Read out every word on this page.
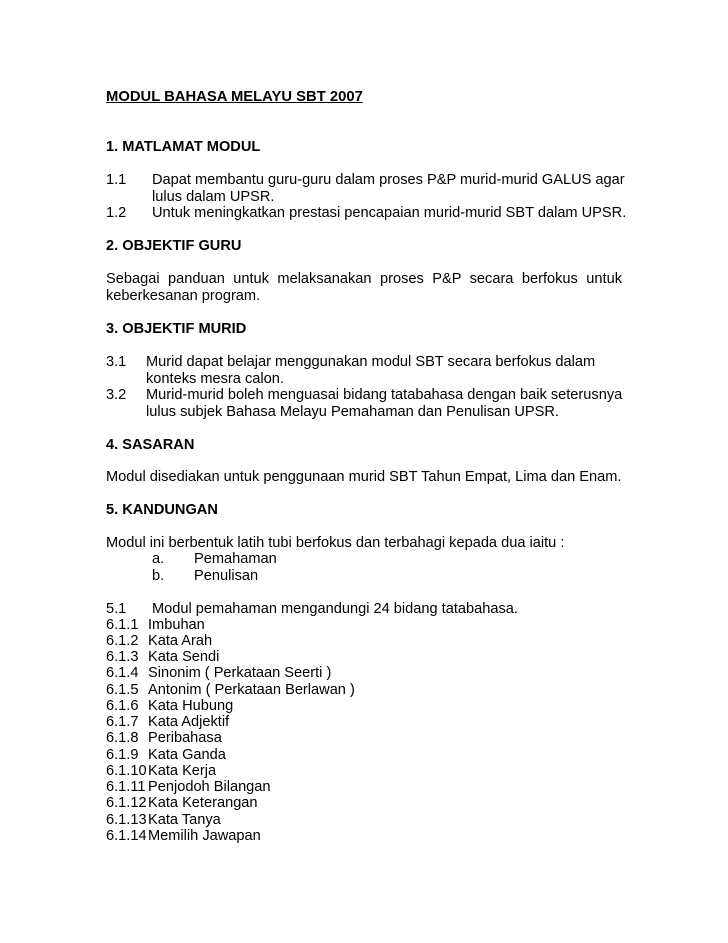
MODUL BAHASA MELAYU SBT 2007
1. MATLAMAT MODUL
1.1 Dapat membantu guru-guru dalam proses P&P murid-murid GALUS agar
lulus dalam UPSR.
1.2 Untuk meningkatkan prestasi pencapaian murid-murid SBT dalam UPSR.
2. OBJEKTIF GURU
Sebagai panduan untuk melaksanakan proses P&P secara berfokus untuk
keberkesanan program.
3. OBJEKTIF MURID
3.1 Murid dapat belajar menggunakan modul SBT secara berfokus dalam
konteks mesra calon.
3.2 Murid-murid boleh menguasai bidang tatabahasa dengan baik seterusnya
lulus subjek Bahasa Melayu Pemahaman dan Penulisan UPSR.
4. SASARAN
Modul disediakan untuk penggunaan murid SBT Tahun Empat, Lima dan Enam.
5. KANDUNGAN
Modul ini berbentuk latih tubi berfokus dan terbahagi kepada dua iaitu :
a. Pemahaman
b. Penulisan
5.1 Modul pemahaman mengandungi 24 bidang tatabahasa.
6.1.1 Imbuhan
6.1.2 Kata Arah
6.1.3 Kata Sendi
6.1.4 Sinonim ( Perkataan Seerti )
6.1.5 Antonim ( Perkataan Berlawan )
6.1.6 Kata Hubung
6.1.7 Kata Adjektif
6.1.8 Peribahasa
6.1.9 Kata Ganda
6.1.10 Kata Kerja
6.1.11 Penjodoh Bilangan
6.1.12 Kata Keterangan
6.1.13 Kata Tanya
6.1.14 Memilih Jawapan
